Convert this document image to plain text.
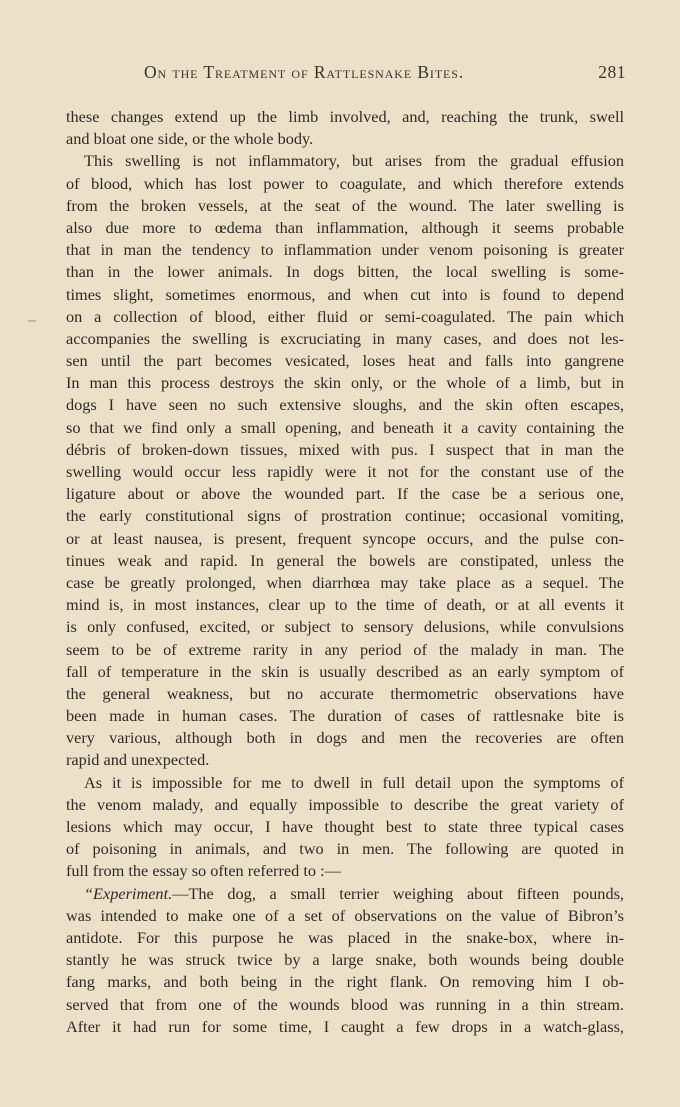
On the Treatment of Rattlesnake Bites.	281
these changes extend up the limb involved, and, reaching the trunk, swell
and bloat one side, or the whole body.
This swelling is not inflammatory, but arises from the gradual effusion
of blood, which has lost power to coagulate, and which therefore extends
from the broken vessels, at the seat of the wound. The later swelling is
also due more to œdema than inflammation, although it seems probable
that in man the tendency to inflammation under venom poisoning is greater
than in the lower animals. In dogs bitten, the local swelling is some-
times slight, sometimes enormous, and when cut into is found to depend
on a collection of blood, either fluid or semi-coagulated. The pain which
accompanies the swelling is excruciating in many cases, and does not les-
sen until the part becomes vesicated, loses heat and falls into gangrene
In man this process destroys the skin only, or the whole of a limb, but in
dogs I have seen no such extensive sloughs, and the skin often escapes,
so that we find only a small opening, and beneath it a cavity containing the
débris of broken-down tissues, mixed with pus. I suspect that in man the
swelling would occur less rapidly were it not for the constant use of the
ligature about or above the wounded part. If the case be a serious one,
the early constitutional signs of prostration continue; occasional vomiting,
or at least nausea, is present, frequent syncope occurs, and the pulse con-
tinues weak and rapid. In general the bowels are constipated, unless the
case be greatly prolonged, when diarrhœa may take place as a sequel. The
mind is, in most instances, clear up to the time of death, or at all events it
is only confused, excited, or subject to sensory delusions, while convulsions
seem to be of extreme rarity in any period of the malady in man. The
fall of temperature in the skin is usually described as an early symptom of
the general weakness, but no accurate thermometric observations have
been made in human cases. The duration of cases of rattlesnake bite is
very various, although both in dogs and men the recoveries are often
rapid and unexpected.
As it is impossible for me to dwell in full detail upon the symptoms of
the venom malady, and equally impossible to describe the great variety of
lesions which may occur, I have thought best to state three typical cases
of poisoning in animals, and two in men. The following are quoted in
full from the essay so often referred to :—
“Experiment.—The dog, a small terrier weighing about fifteen pounds,
was intended to make one of a set of observations on the value of Bibron’s
antidote. For this purpose he was placed in the snake-box, where in-
stantly he was struck twice by a large snake, both wounds being double
fang marks, and both being in the right flank. On removing him I ob-
served that from one of the wounds blood was running in a thin stream.
After it had run for some time, I caught a few drops in a watch-glass,
